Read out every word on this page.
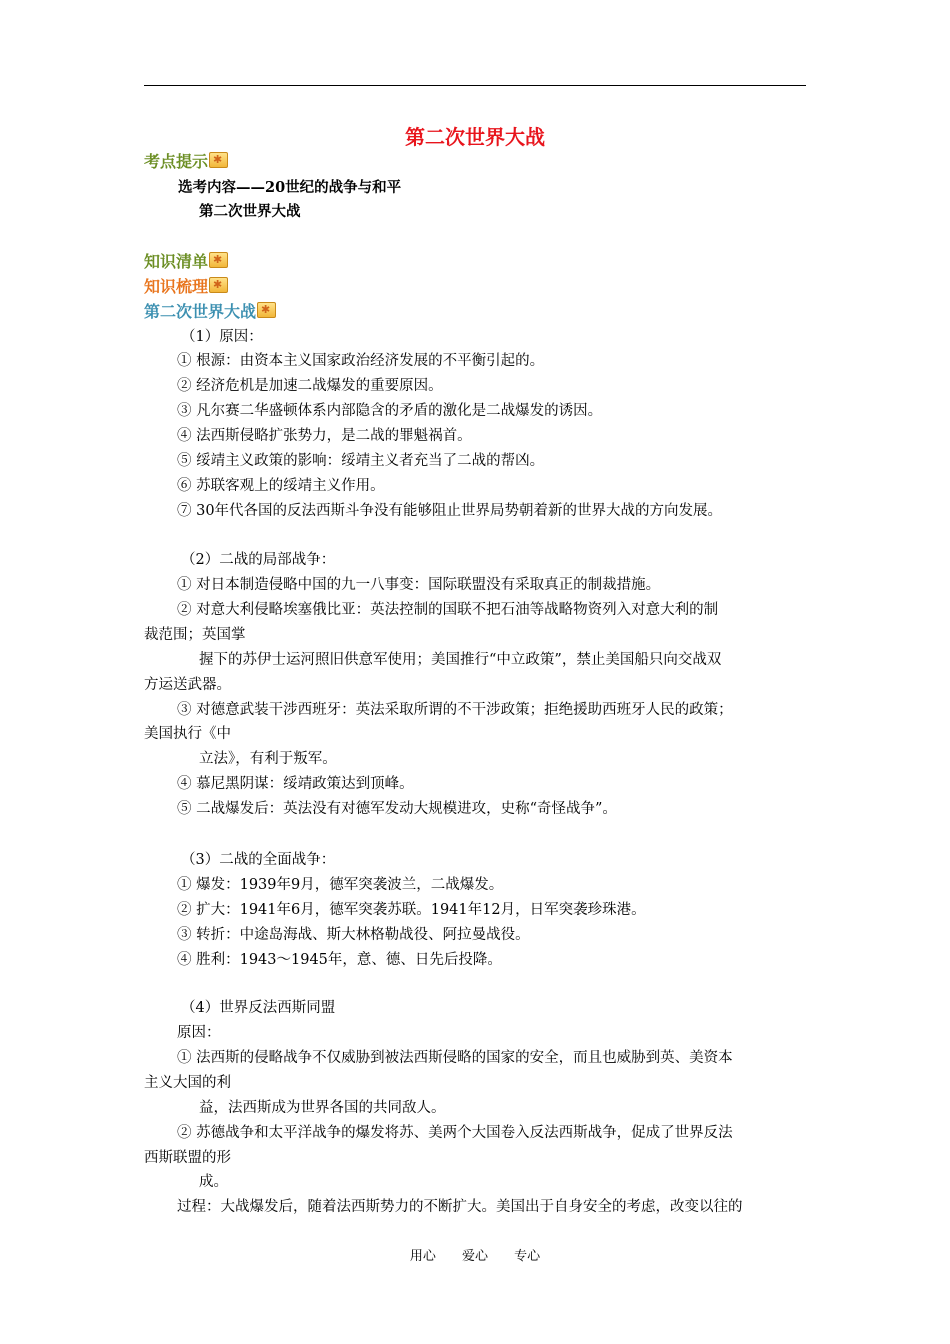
第二次世界大战
考点提示✱
选考内容——20世纪的战争与和平
第二次世界大战
知识清单✱
知识梳理✱
第二次世界大战✱
（1）原因：
① 根源：由资本主义国家政治经济发展的不平衡引起的。
② 经济危机是加速二战爆发的重要原因。
③ 凡尔赛二华盛顿体系内部隐含的矛盾的激化是二战爆发的诱因。
④ 法西斯侵略扩张势力，是二战的罪魁祸首。
⑤ 绥靖主义政策的影响：绥靖主义者充当了二战的帮凶。
⑥ 苏联客观上的绥靖主义作用。
⑦ 30年代各国的反法西斯斗争没有能够阻止世界局势朝着新的世界大战的方向发展。
（2）二战的局部战争：
① 对日本制造侵略中国的九一八事变：国际联盟没有采取真正的制裁措施。
② 对意大利侵略埃塞俄比亚：英法控制的国联不把石油等战略物资列入对意大利的制
裁范围；英国掌
握下的苏伊士运河照旧供意军使用；美国推行“中立政策”，禁止美国船只向交战双
方运送武器。
③ 对德意武装干涉西班牙：英法采取所谓的不干涉政策；拒绝援助西班牙人民的政策；
美国执行《中
立法》，有利于叛军。
④ 慕尼黑阴谋：绥靖政策达到顶峰。
⑤ 二战爆发后：英法没有对德军发动大规模进攻，史称“奇怪战争”。
（3）二战的全面战争：
① 爆发：1939年9月，德军突袭波兰，二战爆发。
② 扩大：1941年6月，德军突袭苏联。1941年12月，日军突袭珍珠港。
③ 转折：中途岛海战、斯大林格勒战役、阿拉曼战役。
④ 胜利：1943～1945年，意、德、日先后投降。
（4）世界反法西斯同盟
原因：
① 法西斯的侵略战争不仅威胁到被法西斯侵略的国家的安全，而且也威胁到英、美资本
主义大国的利
益，法西斯成为世界各国的共同敌人。
② 苏德战争和太平洋战争的爆发将苏、美两个大国卷入反法西斯战争，促成了世界反法
西斯联盟的形
成。
过程：大战爆发后，随着法西斯势力的不断扩大。美国出于自身安全的考虑，改变以往的
用心 爱心 专心
